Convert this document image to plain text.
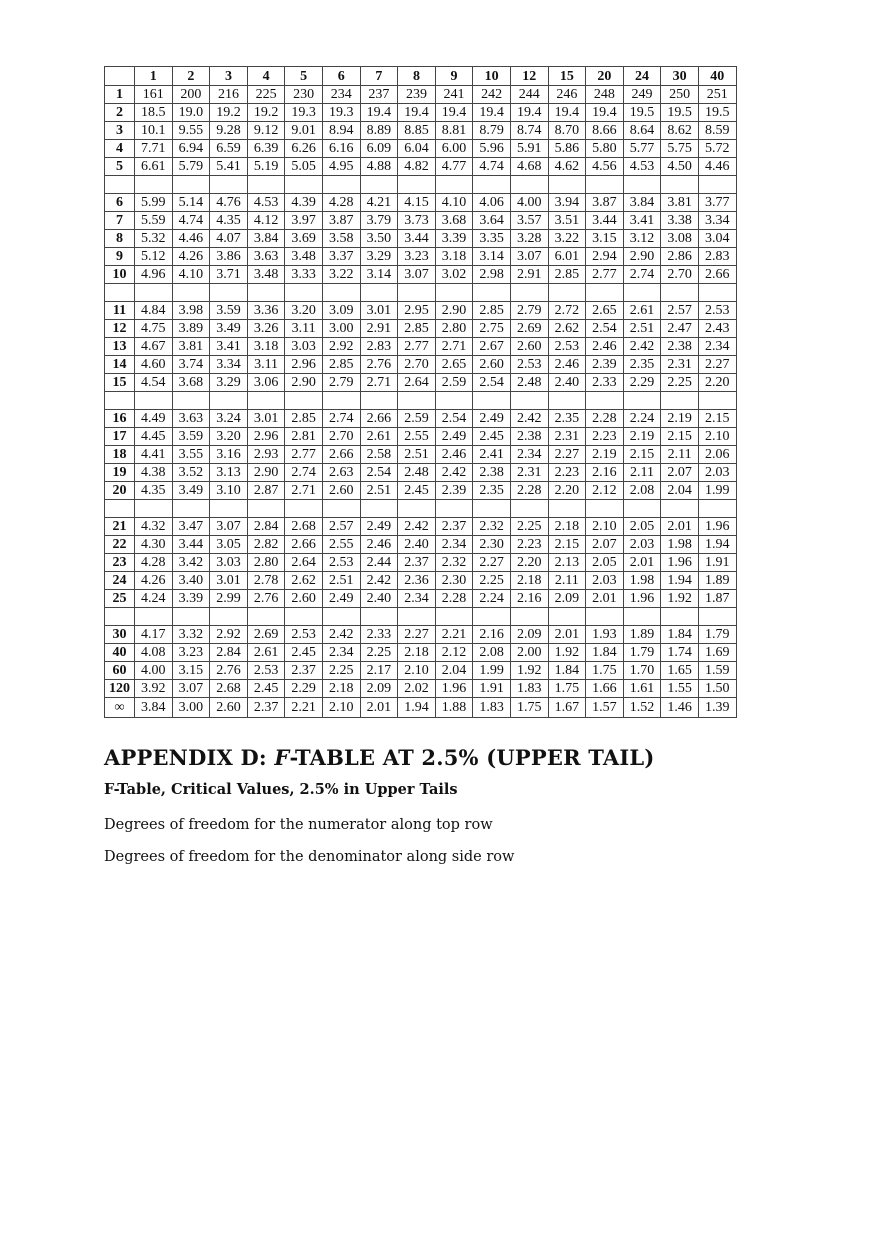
	1	2	3	4	5	6	7	8	9	10	12	15	20	24	30	40
1	161	200	216	225	230	234	237	239	241	242	244	246	248	249	250	251
2	18.5	19.0	19.2	19.2	19.3	19.3	19.4	19.4	19.4	19.4	19.4	19.4	19.4	19.5	19.5	19.5
3	10.1	9.55	9.28	9.12	9.01	8.94	8.89	8.85	8.81	8.79	8.74	8.70	8.66	8.64	8.62	8.59
4	7.71	6.94	6.59	6.39	6.26	6.16	6.09	6.04	6.00	5.96	5.91	5.86	5.80	5.77	5.75	5.72
5	6.61	5.79	5.41	5.19	5.05	4.95	4.88	4.82	4.77	4.74	4.68	4.62	4.56	4.53	4.50	4.46

6	5.99	5.14	4.76	4.53	4.39	4.28	4.21	4.15	4.10	4.06	4.00	3.94	3.87	3.84	3.81	3.77
7	5.59	4.74	4.35	4.12	3.97	3.87	3.79	3.73	3.68	3.64	3.57	3.51	3.44	3.41	3.38	3.34
8	5.32	4.46	4.07	3.84	3.69	3.58	3.50	3.44	3.39	3.35	3.28	3.22	3.15	3.12	3.08	3.04
9	5.12	4.26	3.86	3.63	3.48	3.37	3.29	3.23	3.18	3.14	3.07	6.01	2.94	2.90	2.86	2.83
10	4.96	4.10	3.71	3.48	3.33	3.22	3.14	3.07	3.02	2.98	2.91	2.85	2.77	2.74	2.70	2.66

11	4.84	3.98	3.59	3.36	3.20	3.09	3.01	2.95	2.90	2.85	2.79	2.72	2.65	2.61	2.57	2.53
12	4.75	3.89	3.49	3.26	3.11	3.00	2.91	2.85	2.80	2.75	2.69	2.62	2.54	2.51	2.47	2.43
13	4.67	3.81	3.41	3.18	3.03	2.92	2.83	2.77	2.71	2.67	2.60	2.53	2.46	2.42	2.38	2.34
14	4.60	3.74	3.34	3.11	2.96	2.85	2.76	2.70	2.65	2.60	2.53	2.46	2.39	2.35	2.31	2.27
15	4.54	3.68	3.29	3.06	2.90	2.79	2.71	2.64	2.59	2.54	2.48	2.40	2.33	2.29	2.25	2.20

16	4.49	3.63	3.24	3.01	2.85	2.74	2.66	2.59	2.54	2.49	2.42	2.35	2.28	2.24	2.19	2.15
17	4.45	3.59	3.20	2.96	2.81	2.70	2.61	2.55	2.49	2.45	2.38	2.31	2.23	2.19	2.15	2.10
18	4.41	3.55	3.16	2.93	2.77	2.66	2.58	2.51	2.46	2.41	2.34	2.27	2.19	2.15	2.11	2.06
19	4.38	3.52	3.13	2.90	2.74	2.63	2.54	2.48	2.42	2.38	2.31	2.23	2.16	2.11	2.07	2.03
20	4.35	3.49	3.10	2.87	2.71	2.60	2.51	2.45	2.39	2.35	2.28	2.20	2.12	2.08	2.04	1.99

21	4.32	3.47	3.07	2.84	2.68	2.57	2.49	2.42	2.37	2.32	2.25	2.18	2.10	2.05	2.01	1.96
22	4.30	3.44	3.05	2.82	2.66	2.55	2.46	2.40	2.34	2.30	2.23	2.15	2.07	2.03	1.98	1.94
23	4.28	3.42	3.03	2.80	2.64	2.53	2.44	2.37	2.32	2.27	2.20	2.13	2.05	2.01	1.96	1.91
24	4.26	3.40	3.01	2.78	2.62	2.51	2.42	2.36	2.30	2.25	2.18	2.11	2.03	1.98	1.94	1.89
25	4.24	3.39	2.99	2.76	2.60	2.49	2.40	2.34	2.28	2.24	2.16	2.09	2.01	1.96	1.92	1.87

30	4.17	3.32	2.92	2.69	2.53	2.42	2.33	2.27	2.21	2.16	2.09	2.01	1.93	1.89	1.84	1.79
40	4.08	3.23	2.84	2.61	2.45	2.34	2.25	2.18	2.12	2.08	2.00	1.92	1.84	1.79	1.74	1.69
60	4.00	3.15	2.76	2.53	2.37	2.25	2.17	2.10	2.04	1.99	1.92	1.84	1.75	1.70	1.65	1.59
120	3.92	3.07	2.68	2.45	2.29	2.18	2.09	2.02	1.96	1.91	1.83	1.75	1.66	1.61	1.55	1.50
∞	3.84	3.00	2.60	2.37	2.21	2.10	2.01	1.94	1.88	1.83	1.75	1.67	1.57	1.52	1.46	1.39
APPENDIX D: F-TABLE AT 2.5% (UPPER TAIL)
F-Table, Critical Values, 2.5% in Upper Tails
Degrees of freedom for the numerator along top row
Degrees of freedom for the denominator along side row
